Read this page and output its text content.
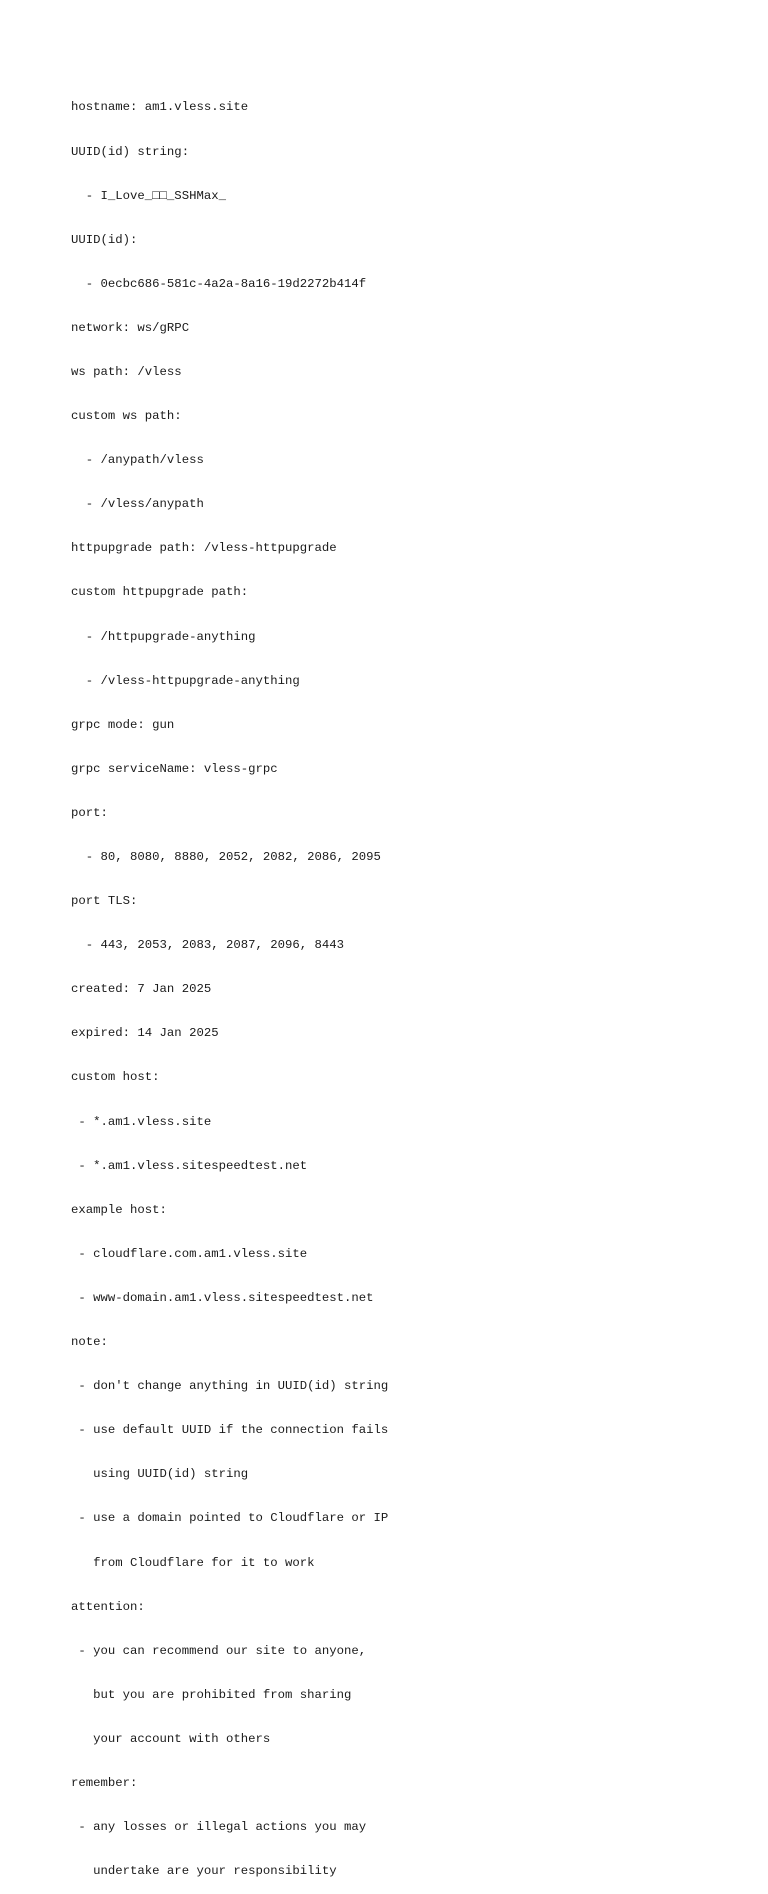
hostname: am1.vless.site

UUID(id) string:

- I_Love_□□_SSHMax_

UUID(id):

- 0ecbc686-581c-4a2a-8a16-19d2272b414f

network: ws/gRPC

ws path: /vless

custom ws path:

- /anypath/vless

- /vless/anypath

httpupgrade path: /vless-httpupgrade

custom httpupgrade path:

- /httpupgrade-anything

- /vless-httpupgrade-anything

grpc mode: gun

grpc serviceName: vless-grpc

port:

- 80, 8080, 8880, 2052, 2082, 2086, 2095

port TLS:

- 443, 2053, 2083, 2087, 2096, 8443

created: 7 Jan 2025

expired: 14 Jan 2025

custom host:

- *.am1.vless.site

- *.am1.vless.sitespeedtest.net

example host:

- cloudflare.com.am1.vless.site

- www-domain.am1.vless.sitespeedtest.net

note:

- don't change anything in UUID(id) string

- use default UUID if the connection fails

using UUID(id) string

- use a domain pointed to Cloudflare or IP

from Cloudflare for it to work

attention:

- you can recommend our site to anyone,

but you are prohibited from sharing

your account with others

remember:

- any losses or illegal actions you may

undertake are your responsibility
